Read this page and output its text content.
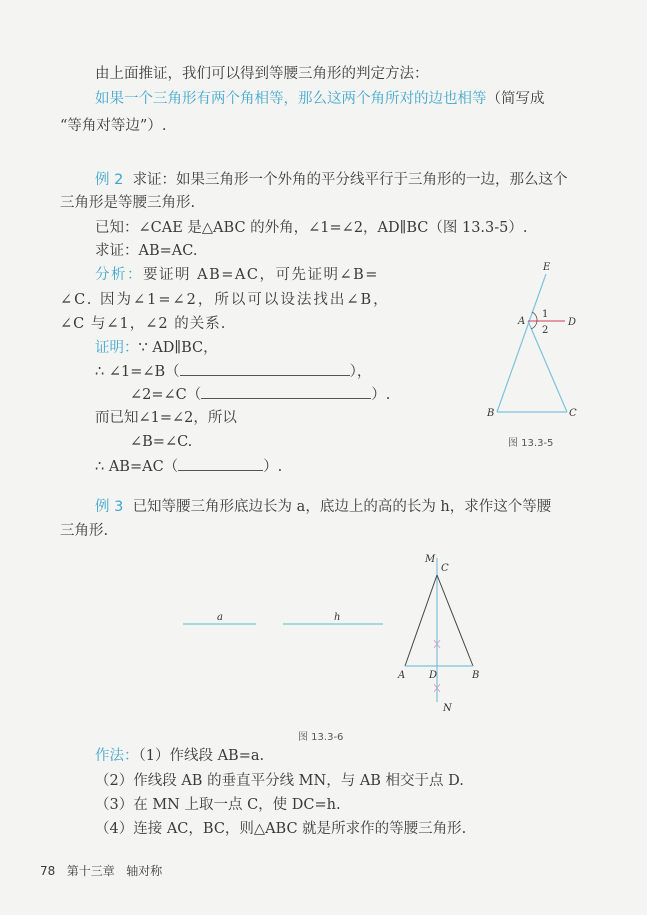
由上面推证，我们可以得到等腰三角形的判定方法：
如果一个三角形有两个角相等，那么这两个角所对的边也相等（简写成
“等角对等边”）.
例 2 求证：如果三角形一个外角的平分线平行于三角形的一边，那么这个
三角形是等腰三角形.
已知：∠CAE 是△ABC 的外角，∠1=∠2，AD∥BC（图 13.3-5）.
求证：AB=AC.
分析：要证明 AB=AC，可先证明∠B=
∠C. 因为∠1=∠2，所以可以设法找出∠B，
∠C 与∠1，∠2 的关系.
证明：∵ AD∥BC，
∴ ∠1=∠B（	），
∠2=∠C（	）.
而已知∠1=∠2，所以
∠B=∠C.
∴ AB=AC（	）.
E
A	D
1
2
B	C
a	h
M
C
A D	B
N
图 13.3-5
例 3 已知等腰三角形底边长为 a，底边上的高的长为 h，求作这个等腰
三角形.
图 13.3-6
作法：（1）作线段 AB=a.
（2）作线段 AB 的垂直平分线 MN，与 AB 相交于点 D.
（3）在 MN 上取一点 C，使 DC=h.
（4）连接 AC，BC，则△ABC 就是所求作的等腰三角形.
78 第十三章 轴对称
